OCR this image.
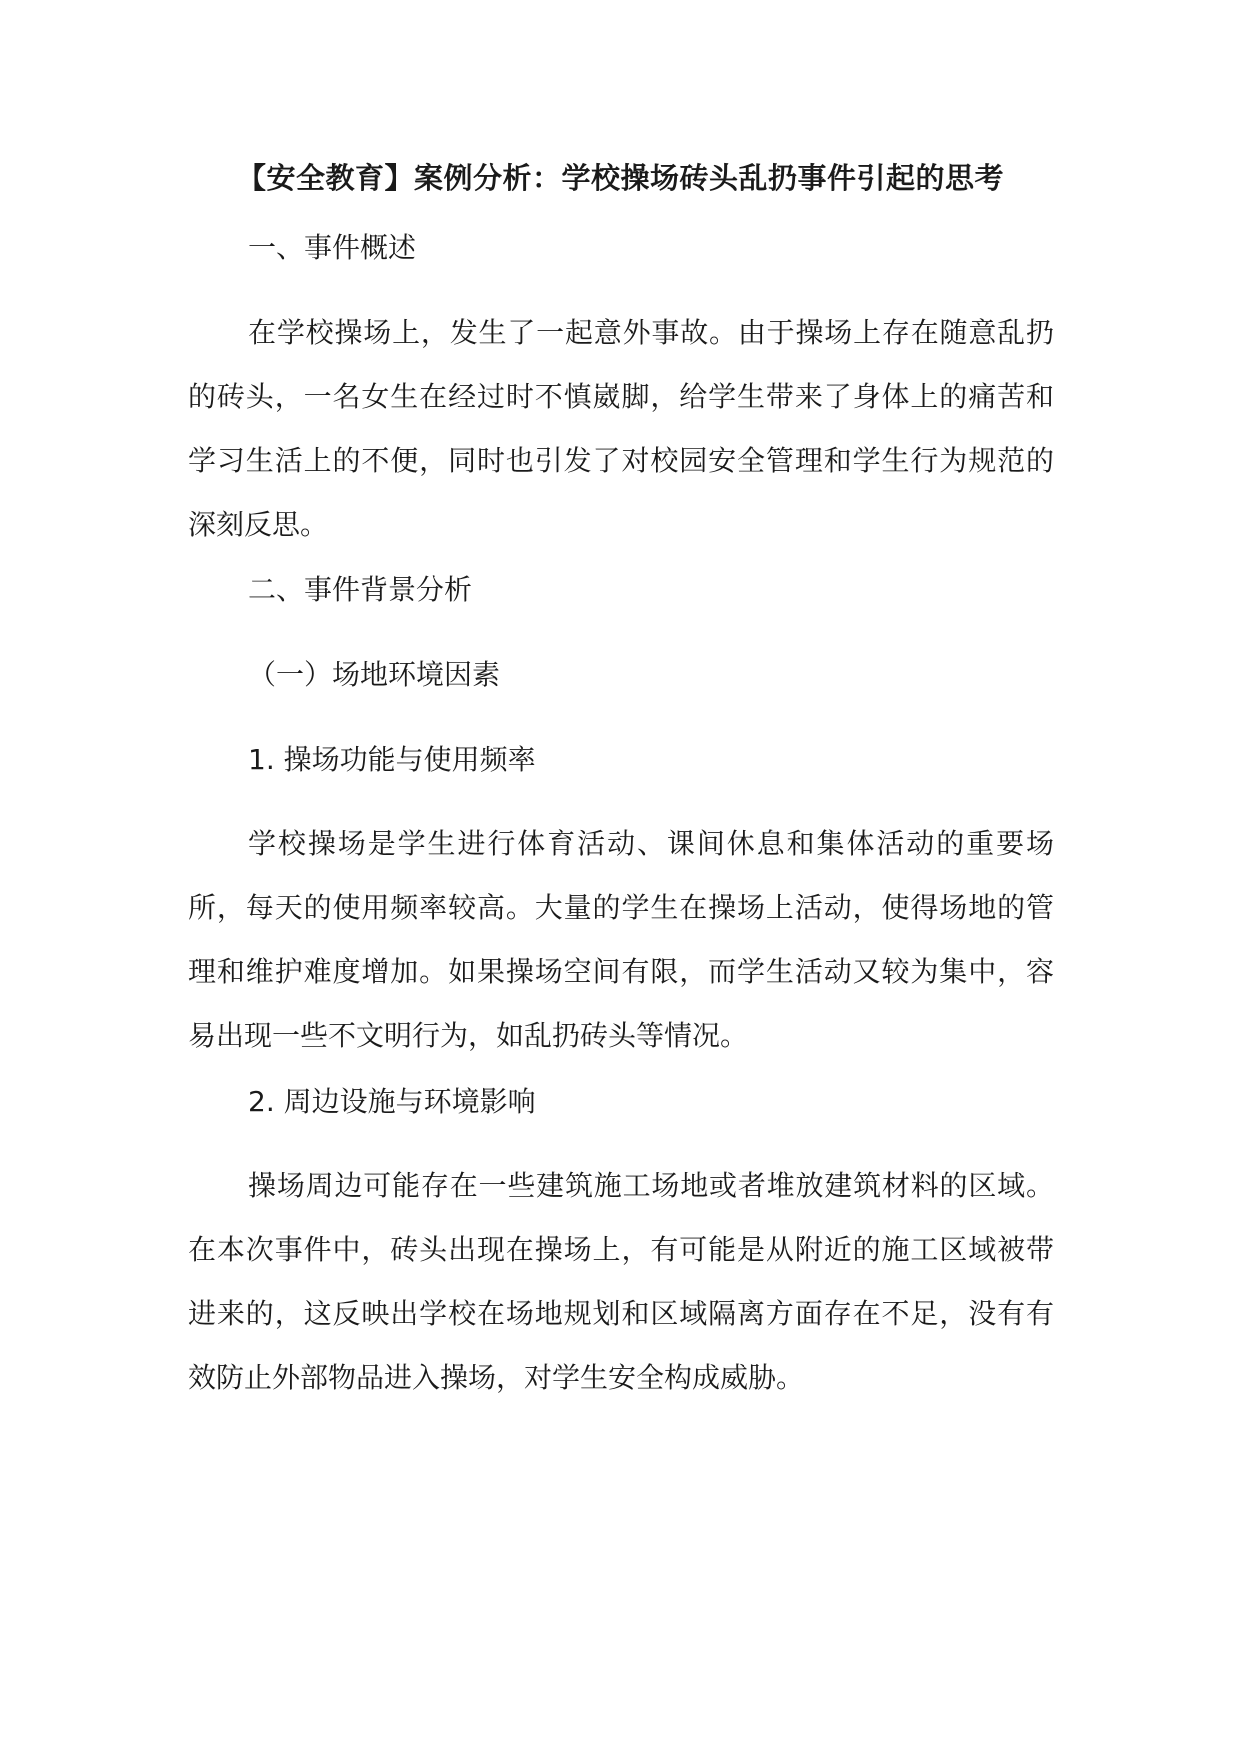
【安全教育】案例分析：学校操场砖头乱扔事件引起的思考
一、事件概述
在学校操场上，发生了一起意外事故。由于操场上存在随意乱扔的砖头，一名女生在经过时不慎崴脚，给学生带来了身体上的痛苦和学习生活上的不便，同时也引发了对校园安全管理和学生行为规范的深刻反思。
二、事件背景分析
（一）场地环境因素
1. 操场功能与使用频率
学校操场是学生进行体育活动、课间休息和集体活动的重要场所，每天的使用频率较高。大量的学生在操场上活动，使得场地的管理和维护难度增加。如果操场空间有限，而学生活动又较为集中，容易出现一些不文明行为，如乱扔砖头等情况。
2. 周边设施与环境影响
操场周边可能存在一些建筑施工场地或者堆放建筑材料的区域。在本次事件中，砖头出现在操场上，有可能是从附近的施工区域被带进来的，这反映出学校在场地规划和区域隔离方面存在不足，没有有效防止外部物品进入操场，对学生安全构成威胁。
